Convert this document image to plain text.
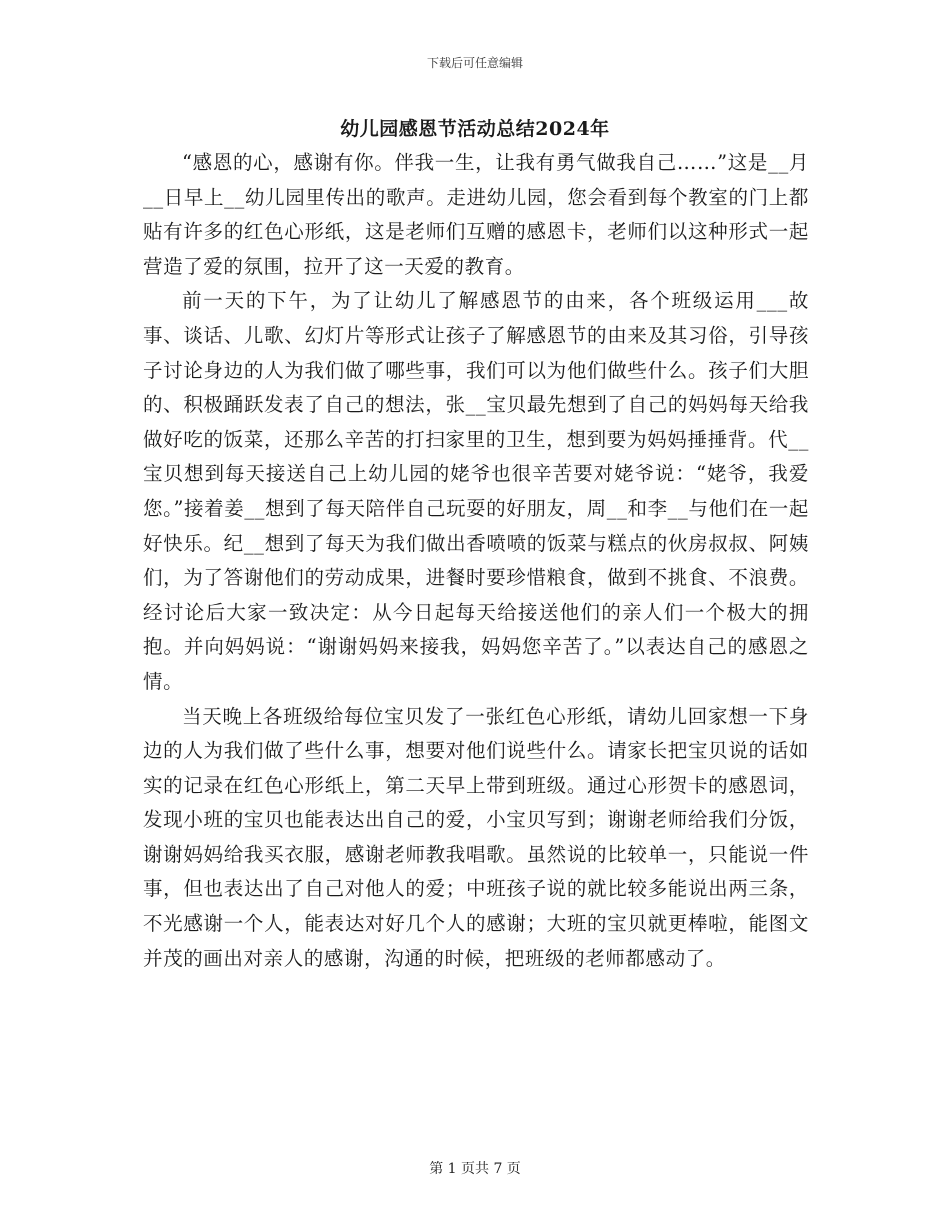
下载后可任意编辑
幼儿园感恩节活动总结2024年

“感恩的心，感谢有你。伴我一生，让我有勇气做我自己……”这是__月__日早上__幼儿园里传出的歌声。走进幼儿园，您会看到每个教室的门上都贴有许多的红色心形纸，这是老师们互赠的感恩卡，老师们以这种形式一起营造了爱的氛围，拉开了这一天爱的教育。

前一天的下午，为了让幼儿了解感恩节的由来，各个班级运用___故事、谈话、儿歌、幻灯片等形式让孩子了解感恩节的由来及其习俗，引导孩子讨论身边的人为我们做了哪些事，我们可以为他们做些什么。孩子们大胆的、积极踊跃发表了自己的想法，张__宝贝最先想到了自己的妈妈每天给我做好吃的饭菜，还那么辛苦的打扫家里的卫生，想到要为妈妈捶捶背。代__宝贝想到每天接送自己上幼儿园的姥爷也很辛苦要对姥爷说：“姥爷，我爱您。”接着姜__想到了每天陪伴自己玩耍的好朋友，周__和李__与他们在一起好快乐。纪__想到了每天为我们做出香喷喷的饭菜与糕点的伙房叔叔、阿姨们，为了答谢他们的劳动成果，进餐时要珍惜粮食，做到不挑食、不浪费。经讨论后大家一致决定：从今日起每天给接送他们的亲人们一个极大的拥抱。并向妈妈说：“谢谢妈妈来接我，妈妈您辛苦了。”以表达自己的感恩之情。

当天晚上各班级给每位宝贝发了一张红色心形纸，请幼儿回家想一下身边的人为我们做了些什么事，想要对他们说些什么。请家长把宝贝说的话如实的记录在红色心形纸上，第二天早上带到班级。通过心形贺卡的感恩词，发现小班的宝贝也能表达出自己的爱，小宝贝写到；谢谢老师给我们分饭，谢谢妈妈给我买衣服，感谢老师教我唱歌。虽然说的比较单一，只能说一件事，但也表达出了自己对他人的爱；中班孩子说的就比较多能说出两三条，不光感谢一个人，能表达对好几个人的感谢；大班的宝贝就更棒啦，能图文并茂的画出对亲人的感谢，沟通的时候，把班级的老师都感动了。

第 1 页共 7 页
